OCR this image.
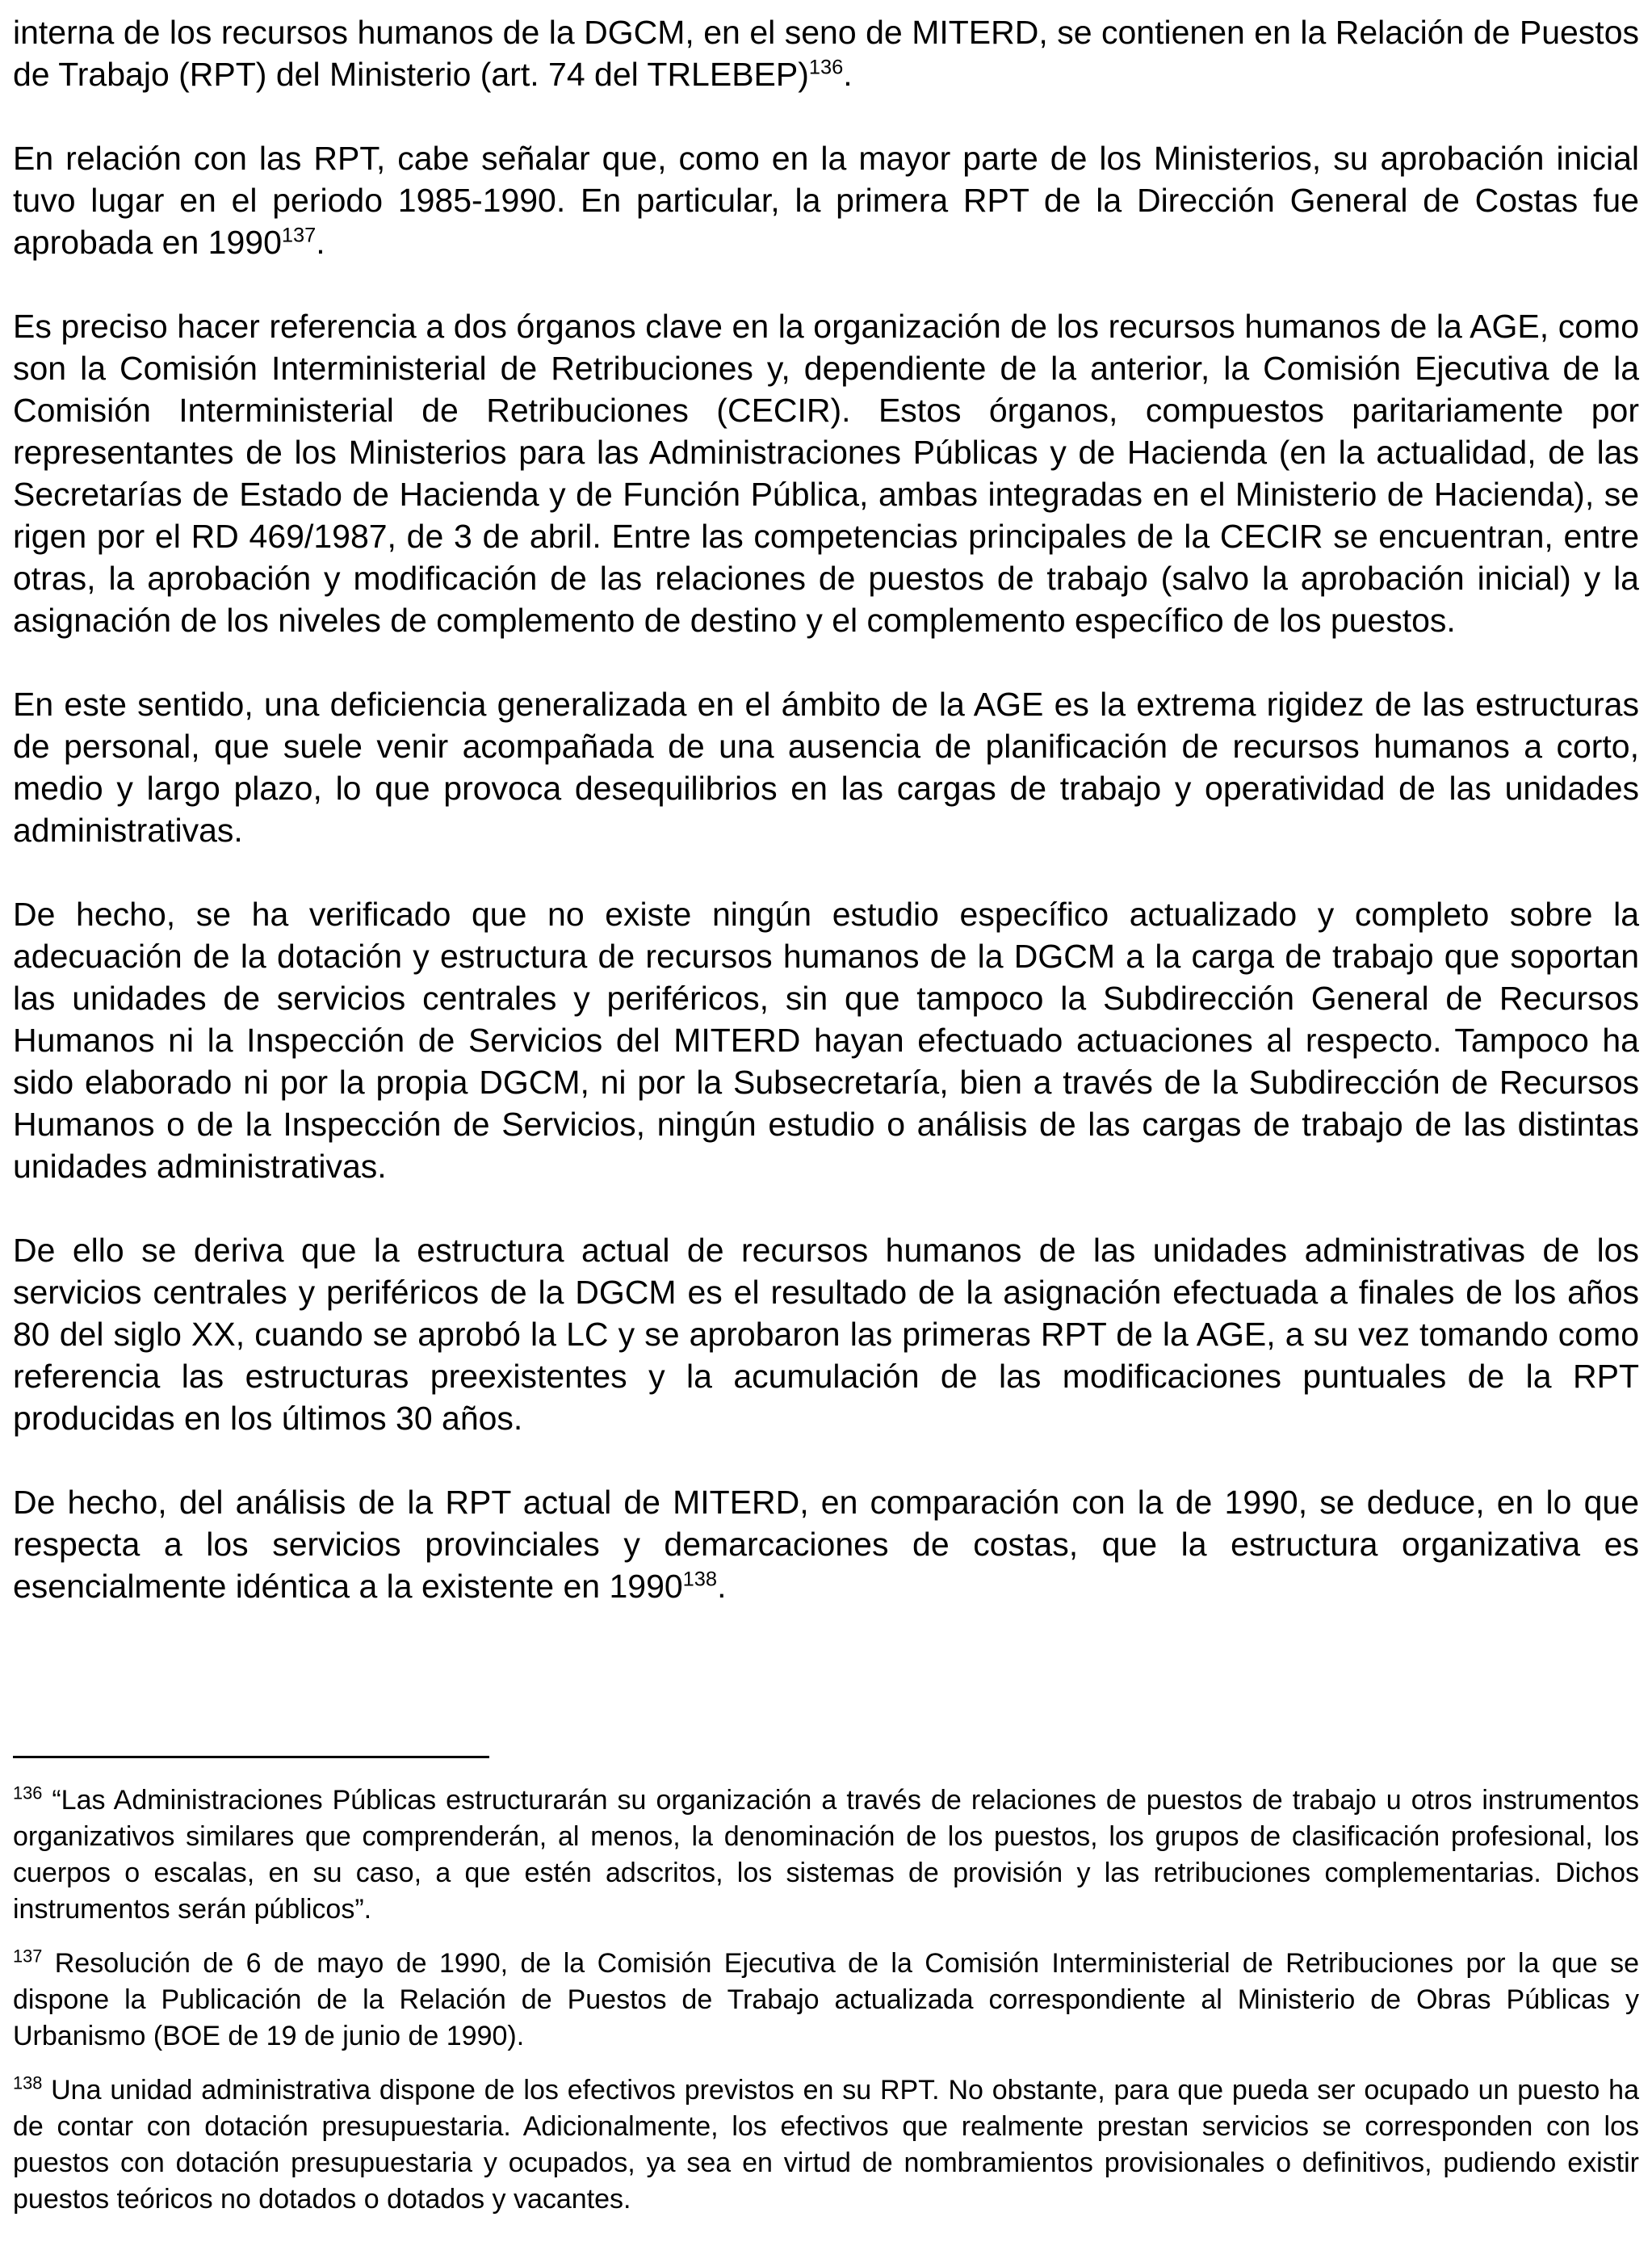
interna de los recursos humanos de la DGCM, en el seno de MITERD, se contienen en la Relación de Puestos de Trabajo (RPT) del Ministerio (art. 74 del TRLEBEP)$^{136}$.

En relación con las RPT, cabe señalar que, como en la mayor parte de los Ministerios, su aprobación inicial tuvo lugar en el periodo 1985-1990. En particular, la primera RPT de la Dirección General de Costas fue aprobada en 1990$^{137}$.

Es preciso hacer referencia a dos órganos clave en la organización de los recursos humanos de la AGE, como son la Comisión Interministerial de Retribuciones y, dependiente de la anterior, la Comisión Ejecutiva de la Comisión Interministerial de Retribuciones (CECIR). Estos órganos, compuestos paritariamente por representantes de los Ministerios para las Administraciones Públicas y de Hacienda (en la actualidad, de las Secretarías de Estado de Hacienda y de Función Pública, ambas integradas en el Ministerio de Hacienda), se rigen por el RD 469/1987, de 3 de abril. Entre las competencias principales de la CECIR se encuentran, entre otras, la aprobación y modificación de las relaciones de puestos de trabajo (salvo la aprobación inicial) y la asignación de los niveles de complemento de destino y el complemento específico de los puestos.

En este sentido, una deficiencia generalizada en el ámbito de la AGE es la extrema rigidez de las estructuras de personal, que suele venir acompañada de una ausencia de planificación de recursos humanos a corto, medio y largo plazo, lo que provoca desequilibrios en las cargas de trabajo y operatividad de las unidades administrativas.

De hecho, se ha verificado que no existe ningún estudio específico actualizado y completo sobre la adecuación de la dotación y estructura de recursos humanos de la DGCM a la carga de trabajo que soportan las unidades de servicios centrales y periféricos, sin que tampoco la Subdirección General de Recursos Humanos ni la Inspección de Servicios del MITERD hayan efectuado actuaciones al respecto. Tampoco ha sido elaborado ni por la propia DGCM, ni por la Subsecretaría, bien a través de la Subdirección de Recursos Humanos o de la Inspección de Servicios, ningún estudio o análisis de las cargas de trabajo de las distintas unidades administrativas.

De ello se deriva que la estructura actual de recursos humanos de las unidades administrativas de los servicios centrales y periféricos de la DGCM es el resultado de la asignación efectuada a finales de los años 80 del siglo XX, cuando se aprobó la LC y se aprobaron las primeras RPT de la AGE, a su vez tomando como referencia las estructuras preexistentes y la acumulación de las modificaciones puntuales de la RPT producidas en los últimos 30 años.

De hecho, del análisis de la RPT actual de MITERD, en comparación con la de 1990, se deduce, en lo que respecta a los servicios provinciales y demarcaciones de costas, que la estructura organizativa es esencialmente idéntica a la existente en 1990$^{138}$.

$^{136}$ “Las Administraciones Públicas estructurarán su organización a través de relaciones de puestos de trabajo u otros instrumentos organizativos similares que comprenderán, al menos, la denominación de los puestos, los grupos de clasificación profesional, los cuerpos o escalas, en su caso, a que estén adscritos, los sistemas de provisión y las retribuciones complementarias. Dichos instrumentos serán públicos”.

$^{137}$ Resolución de 6 de mayo de 1990, de la Comisión Ejecutiva de la Comisión Interministerial de Retribuciones por la que se dispone la Publicación de la Relación de Puestos de Trabajo actualizada correspondiente al Ministerio de Obras Públicas y Urbanismo (BOE de 19 de junio de 1990).

$^{138}$ Una unidad administrativa dispone de los efectivos previstos en su RPT. No obstante, para que pueda ser ocupado un puesto ha de contar con dotación presupuestaria. Adicionalmente, los efectivos que realmente prestan servicios se corresponden con los puestos con dotación presupuestaria y ocupados, ya sea en virtud de nombramientos provisionales o definitivos, pudiendo existir puestos teóricos no dotados o dotados y vacantes.
